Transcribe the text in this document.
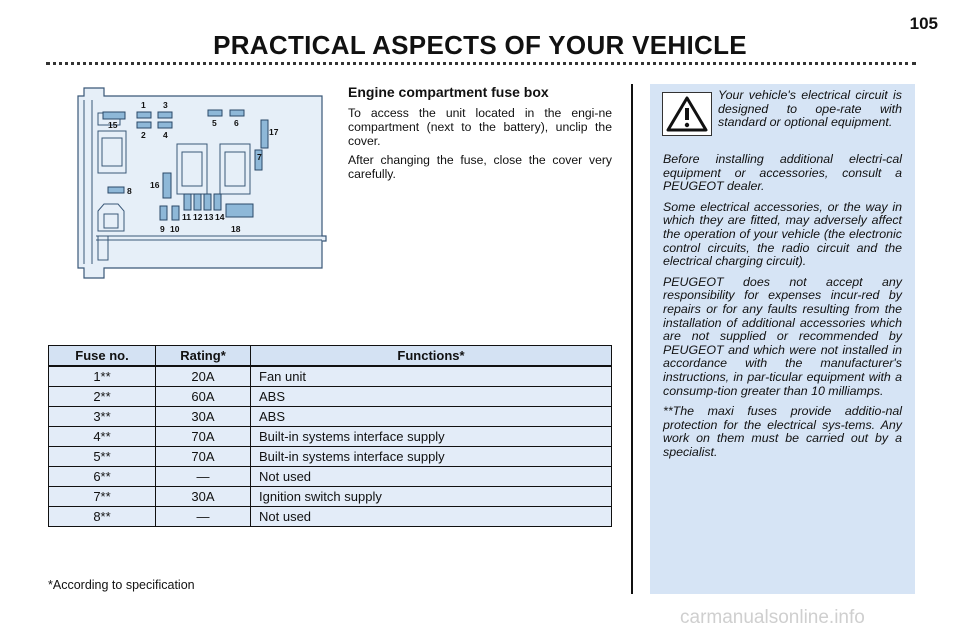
105
PRACTICAL ASPECTS OF YOUR VEHICLE
1
2
3
4
5 6
7
8
9 10
11 12 13 14
15
16
17
18
Engine compartment fuse box

To access the unit located in the engi-ne compartment (next to the battery), unclip the cover.

After changing the fuse, close the cover very carefully.

Fuse no.	Rating*	Functions*
1**	20A	Fan unit
2**	60A	ABS
3**	30A	ABS
4**	70A	Built-in systems interface supply
5**	70A	Built-in systems interface supply
6**	—	Not used
7**	30A	Ignition switch supply
8**	—	Not used
*According to specification
Your vehicle's electrical circuit is designed to ope-rate with standard or optional equipment.

Before installing additional electri-cal equipment or accessories, consult a PEUGEOT dealer.

Some electrical accessories, or the way in which they are fitted, may adversely affect the operation of your vehicle (the electronic control circuits, the radio circuit and the electrical charging circuit).

PEUGEOT does not accept any responsibility for expenses incur-red by repairs or for any faults resulting from the installation of additional accessories which are not supplied or recommended by PEUGEOT and which were not installed in accordance with the manufacturer's instructions, in par-ticular equipment with a consump-tion greater than 10 milliamps.

**The maxi fuses provide additio-nal protection for the electrical sys-tems. Any work on them must be carried out by a specialist.

carmanualsonline.info
